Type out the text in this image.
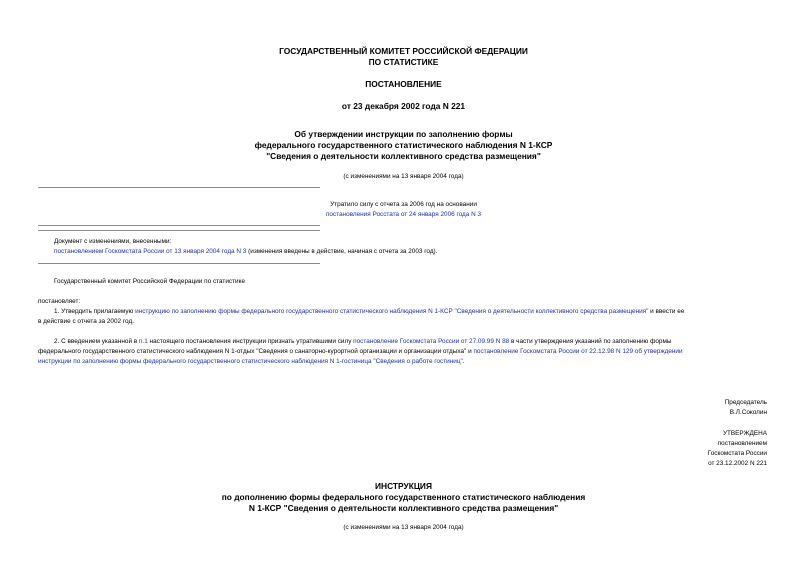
ГОСУДАРСТВЕННЫЙ КОМИТЕТ РОССИЙСКОЙ ФЕДЕРАЦИИ
ПО СТАТИСТИКЕ
ПОСТАНОВЛЕНИЕ
от 23 декабря 2002 года N 221
Об утверждении инструкции по заполнению формы
федерального государственного статистического наблюдения N 1-КСР
"Сведения о деятельности коллективного средства размещения"
(с изменениями на 13 января 2004 года)
Утратило силу с отчета за 2006 год на основании
постановления Росстата от 24 января 2006 года N 3
Документ с изменениями, внесенными:
постановлением Госкомстата России от 13 января 2004 года N 3 (изменения введены в действие, начиная с отчета за 2003 год).
Государственный комитет Российской Федерации по статистике
постановляет:
1. Утвердить прилагаемую инструкцию по заполнению формы федерального государственного статистического наблюдения N 1-КСР "Сведения о деятельности коллективного средства размещения" и ввести ее
в действие с отчета за 2002 год.
2. С введением указанной в п.1 настоящего постановления инструкции признать утратившими силу постановление Госкомстата России от 27.09.99 N 88 в части утверждения указаний по заполнению формы
федерального государственного статистического наблюдения N 1-отдых "Сведения о санаторно-курортной организации и организации отдыха" и постановление Госкомстата России от 22.12.98 N 129 об утверждении
инструкции по заполнению формы федерального государственного статистического наблюдения N 1-гостиница "Сведения о работе гостиниц".
Председатель
В.Л.Соколин
УТВЕРЖДЕНА
постановлением
Госкомстата России
от 23.12.2002 N 221
ИНСТРУКЦИЯ
по дополнению формы федерального государственного статистического наблюдения
N 1-КСР "Сведения о деятельности коллективного средства размещения"
(с изменениями на 13 января 2004 года)
